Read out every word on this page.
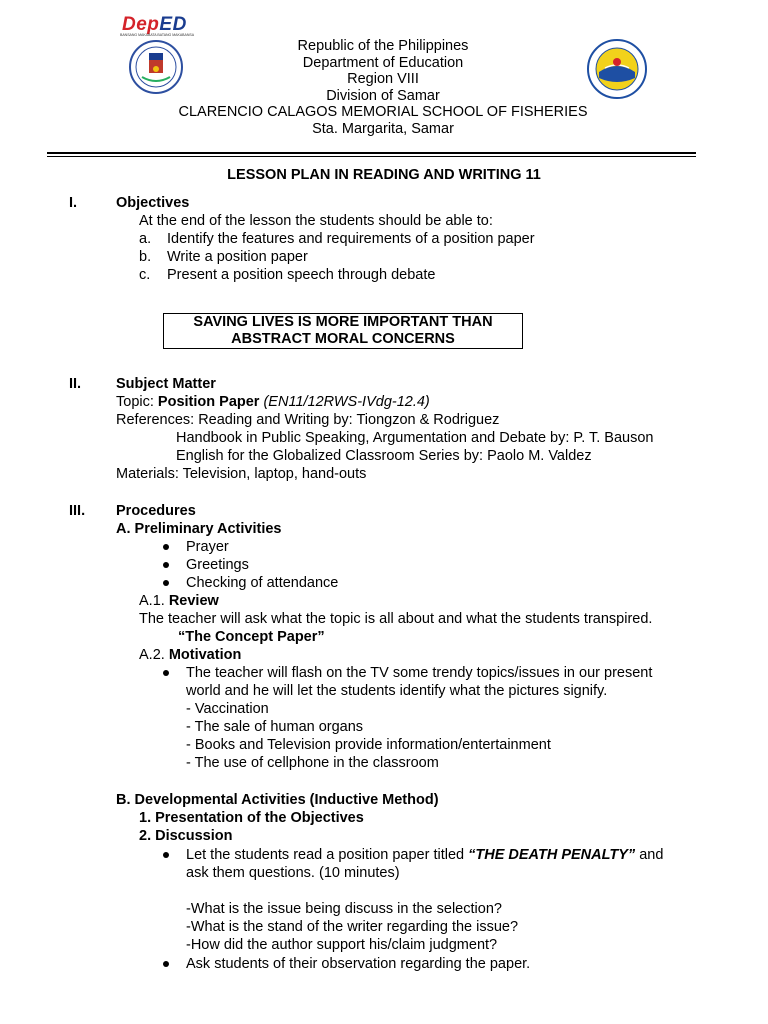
DepED
BANSANG MAKABATA BATANG MAKABANSA
Republic of the Philippines
Department of Education
Region VIII
Division of Samar
CLARENCIO CALAGOS MEMORIAL SCHOOL OF FISHERIES
Sta. Margarita, Samar
LESSON PLAN IN READING AND WRITING 11
I.	Objectives
At the end of the lesson the students should be able to:
a. Identify the features and requirements of a position paper
b. Write a position paper
c. Present a position speech through debate
SAVING LIVES IS MORE IMPORTANT THAN
ABSTRACT MORAL CONCERNS
II. Subject Matter
Topic: Position Paper (EN11/12RWS-IVdg-12.4)
References: Reading and Writing by: Tiongzon & Rodriguez
Handbook in Public Speaking, Argumentation and Debate by: P. T. Bauson
English for the Globalized Classroom Series by: Paolo M. Valdez
Materials: Television, laptop, hand-outs
III. Procedures
A. Preliminary Activities
Prayer
Greetings
Checking of attendance
A.1. Review
The teacher will ask what the topic is all about and what the students transpired.
“The Concept Paper”
A.2. Motivation
The teacher will flash on the TV some trendy topics/issues in our present
world and he will let the students identify what the pictures signify.
- Vaccination
- The sale of human organs
- Books and Television provide information/entertainment
- The use of cellphone in the classroom
B. Developmental Activities (Inductive Method)
1. Presentation of the Objectives
2. Discussion
Let the students read a position paper titled “THE DEATH PENALTY” and
ask them questions. (10 minutes)
-What is the issue being discuss in the selection?
-What is the stand of the writer regarding the issue?
-How did the author support his/claim judgment?
Ask students of their observation regarding the paper.
